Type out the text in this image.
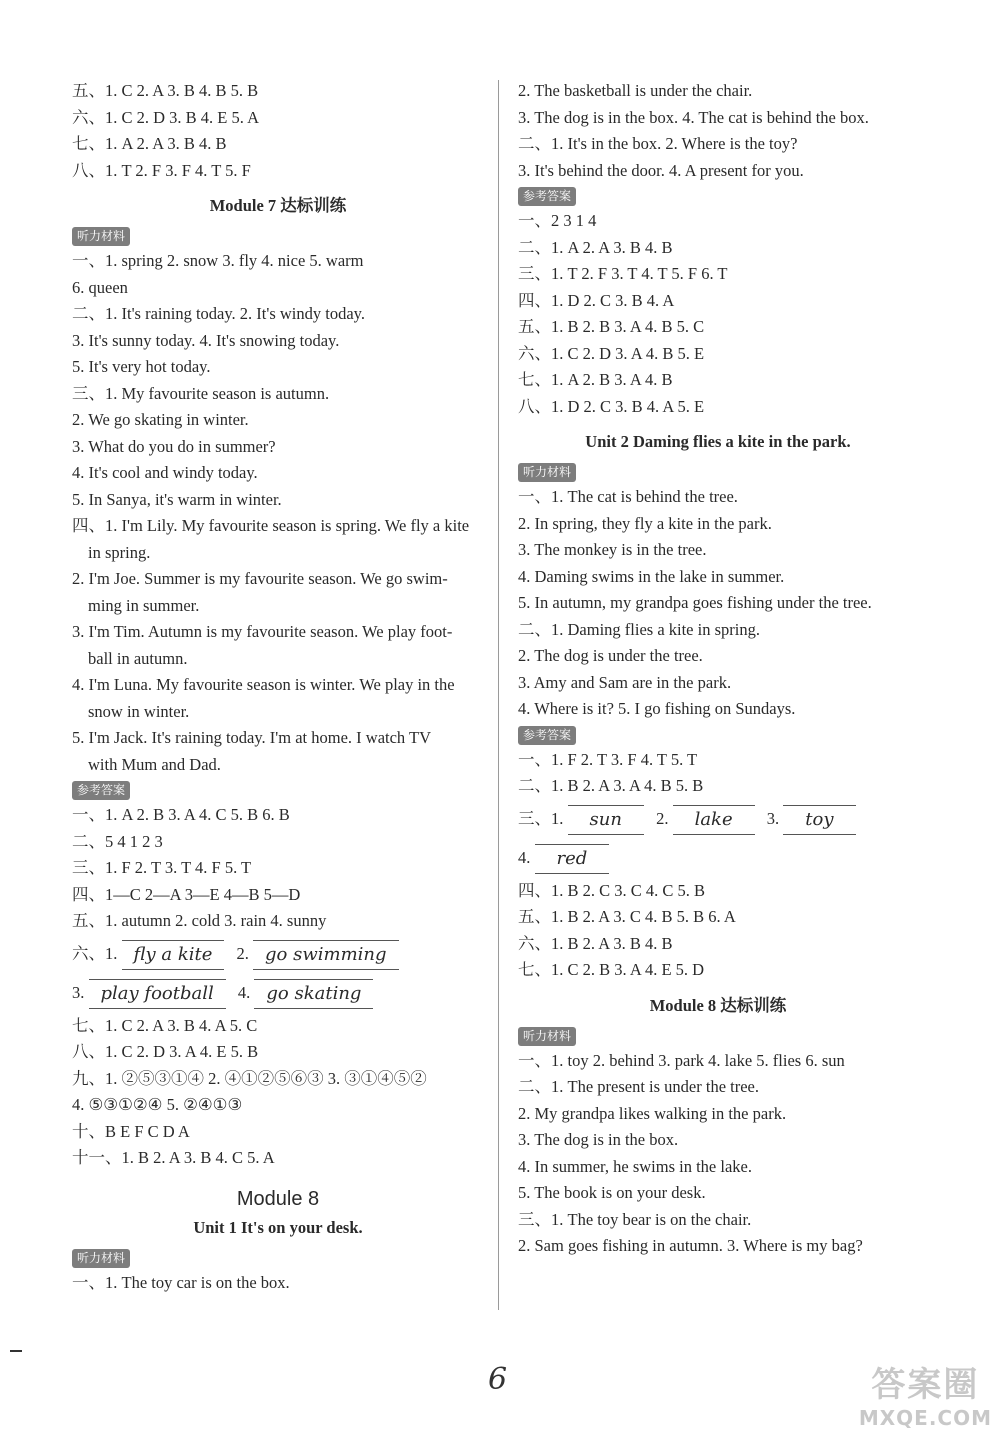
五、1. C 2. A 3. B 4. B 5. B
六、1. C 2. D 3. B 4. E 5. A
七、1. A 2. A 3. B 4. B
八、1. T 2. F 3. F 4. T 5. F
Module 7 达标训练
听力材料
一、1. spring 2. snow 3. fly 4. nice 5. warm
6. queen
二、1. It's raining today. 2. It's windy today.
3. It's sunny today. 4. It's snowing today.
5. It's very hot today.
三、1. My favourite season is autumn.
2. We go skating in winter.
3. What do you do in summer?
4. It's cool and windy today.
5. In Sanya, it's warm in winter.
四、1. I'm Lily. My favourite season is spring. We fly a kite
in spring.
2. I'm Joe. Summer is my favourite season. We go swim-
ming in summer.
3. I'm Tim. Autumn is my favourite season. We play foot-
ball in autumn.
4. I'm Luna. My favourite season is winter. We play in the
snow in winter.
5. I'm Jack. It's raining today. I'm at home. I watch TV
with Mum and Dad.
参考答案
一、1. A 2. B 3. A 4. C 5. B 6. B
二、5 4 1 2 3
三、1. F 2. T 3. T 4. F 5. T
四、1—C 2—A 3—E 4—B 5—D
五、1. autumn 2. cold 3. rain 4. sunny
六、1. fly a kite 2. go swimming
3. play football 4. go skating
七、1. C 2. A 3. B 4. A 5. C
八、1. C 2. D 3. A 4. E 5. B
九、1. ②⑤③①④ 2. ④①②⑤⑥③ 3. ③①④⑤②
4. ⑤③①②④ 5. ②④①③
十、B E F C D A
十一、1. B 2. A 3. B 4. C 5. A
Module 8
Unit 1 It's on your desk.
听力材料
一、1. The toy car is on the box.
2. The basketball is under the chair.
3. The dog is in the box. 4. The cat is behind the box.
二、1. It's in the box. 2. Where is the toy?
3. It's behind the door. 4. A present for you.
参考答案
一、2 3 1 4
二、1. A 2. A 3. B 4. B
三、1. T 2. F 3. T 4. T 5. F 6. T
四、1. D 2. C 3. B 4. A
五、1. B 2. B 3. A 4. B 5. C
六、1. C 2. D 3. A 4. B 5. E
七、1. A 2. B 3. A 4. B
八、1. D 2. C 3. B 4. A 5. E
Unit 2 Daming flies a kite in the park.
听力材料
一、1. The cat is behind the tree.
2. In spring, they fly a kite in the park.
3. The monkey is in the tree.
4. Daming swims in the lake in summer.
5. In autumn, my grandpa goes fishing under the tree.
二、1. Daming flies a kite in spring.
2. The dog is under the tree.
3. Amy and Sam are in the park.
4. Where is it? 5. I go fishing on Sundays.
参考答案
一、1. F 2. T 3. F 4. T 5. T
二、1. B 2. A 3. A 4. B 5. B
三、1. sun 2. lake 3. toy
4. red
四、1. B 2. C 3. C 4. C 5. B
五、1. B 2. A 3. C 4. B 5. B 6. A
六、1. B 2. A 3. B 4. B
七、1. C 2. B 3. A 4. E 5. D
Module 8 达标训练
听力材料
一、1. toy 2. behind 3. park 4. lake 5. flies 6. sun
二、1. The present is under the tree.
2. My grandpa likes walking in the park.
3. The dog is in the box.
4. In summer, he swims in the lake.
5. The book is on your desk.
三、1. The toy bear is on the chair.
2. Sam goes fishing in autumn. 3. Where is my bag?
6	答案圈
MXQE.COM
